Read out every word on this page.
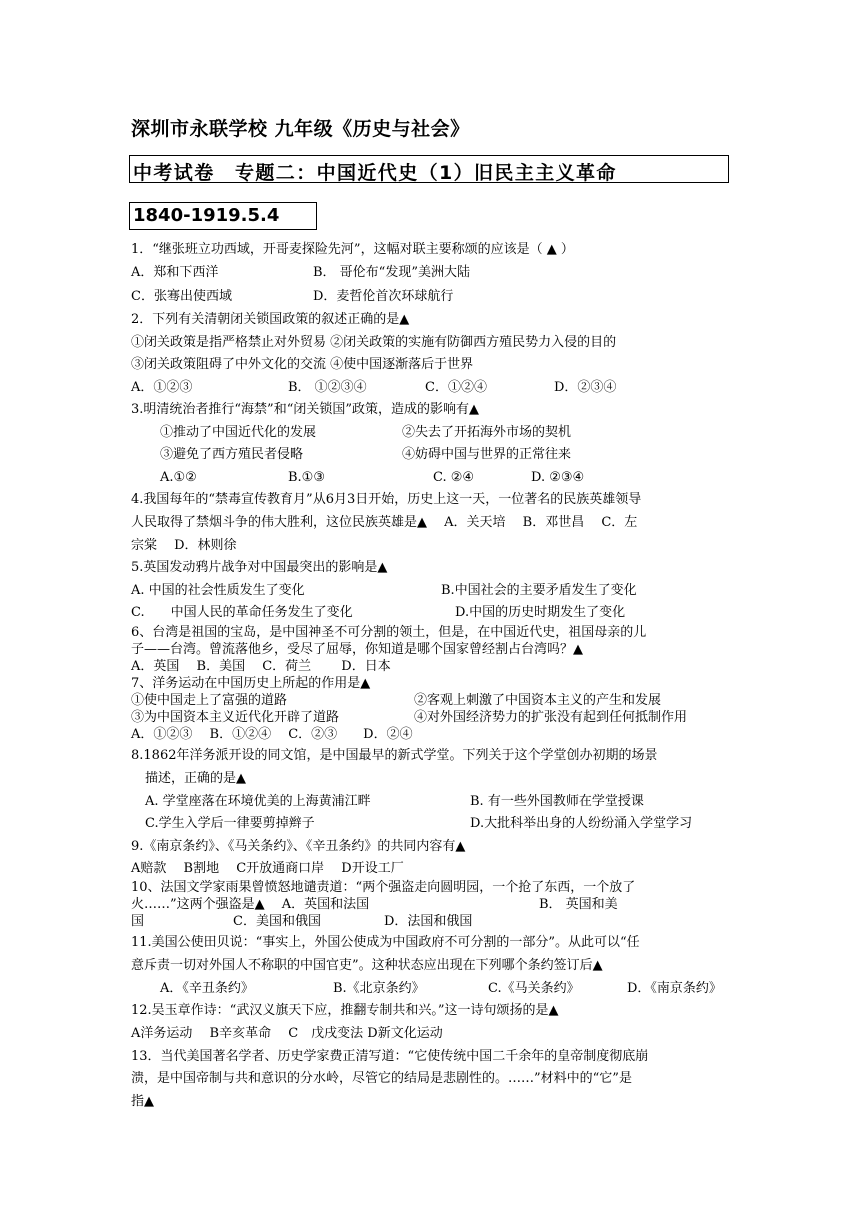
深圳市永联学校 九年级《历史与社会》
中考试卷　专题二：中国近代史（1）旧民主主义革命
1840-1919.5.4
1．“继张班立功西域，开哥麦探险先河”，这幅对联主要称颂的应该是（ ▲ ）
A．郑和下西洋	B． 哥伦布“发现”美洲大陆
C．张骞出使西域	D．麦哲伦首次环球航行
2．下列有关清朝闭关锁国政策的叙述正确的是▲
①闭关政策是指严格禁止对外贸易 ②闭关政策的实施有防御西方殖民势力入侵的目的
③闭关政策阻碍了中外文化的交流 ④使中国逐渐落后于世界
A．①②③	B． ①②③④	C．①②④	D．②③④
3.明清统治者推行“海禁”和“闭关锁国”政策，造成的影响有▲
①推动了中国近代化的发展	②失去了开拓海外市场的契机
③避免了西方殖民者侵略	④妨碍中国与世界的正常往来
A.①②	B.①③	C. ②④	D. ②③④
4.我国每年的“禁毒宣传教育月”从6月3日开始，历史上这一天，一位著名的民族英雄领导
人民取得了禁烟斗争的伟大胜利，这位民族英雄是▲　 A．关天培　 B．邓世昌　 C．左
宗棠　 D．林则徐
5.英国发动鸦片战争对中国最突出的影响是▲
A. 中国的社会性质发生了变化	B.中国社会的主要矛盾发生了变化
C.　　中国人民的革命任务发生了变化	D.中国的历史时期发生了变化
6、台湾是祖国的宝岛，是中国神圣不可分割的领土，但是，在中国近代史，祖国母亲的儿
子——台湾。曾流落他乡，受尽了屈辱，你知道是哪个国家曾经割占台湾吗？▲
A．英国　 B．美国　 C．荷兰　　 D．日本
7、洋务运动在中国历史上所起的作用是▲
①使中国走上了富强的道路	②客观上刺激了中国资本主义的产生和发展
③为中国资本主义近代化开辟了道路	④对外国经济势力的扩张没有起到任何抵制作用
A．①②③　 B．①②④　 C．②③　　D．②④
8.1862年洋务派开设的同文馆，是中国最早的新式学堂。下列关于这个学堂创办初期的场景
描述，正确的是▲
A. 学堂座落在环境优美的上海黄浦江畔	B. 有一些外国教师在学堂授课
C.学生入学后一律要剪掉辫子	D.大批科举出身的人纷纷涌入学堂学习
9.《南京条约》、《马关条约》、《辛丑条约》的共同内容有▲
A赔款　 B割地　 C开放通商口岸　 D开设工厂
10、法国文学家雨果曾愤怒地谴责道：“两个强盗走向圆明园，一个抢了东西，一个放了
火……”这两个强盗是▲　 A．英国和法国	B． 英国和美
国	C．美国和俄国	D．法国和俄国
11.美国公使田贝说：“事实上，外国公使成为中国政府不可分割的一部分”。从此可以“任
意斥责一切对外国人不称职的中国官吏”。这种状态应出现在下列哪个条约签订后▲
A．《辛丑条约》	B.《北京条约》	C.《马关条约》	D．《南京条约》
12.吴玉章作诗：“武汉义旗天下应，推翻专制共和兴。”这一诗句颂扬的是▲
A洋务运动　 B辛亥革命　 C　戊戌变法 D新文化运动
13．当代美国著名学者、历史学家费正清写道：“它使传统中国二千余年的皇帝制度彻底崩
溃，是中国帝制与共和意识的分水岭，尽管它的结局是悲剧性的。……”材料中的“它”是
指▲
